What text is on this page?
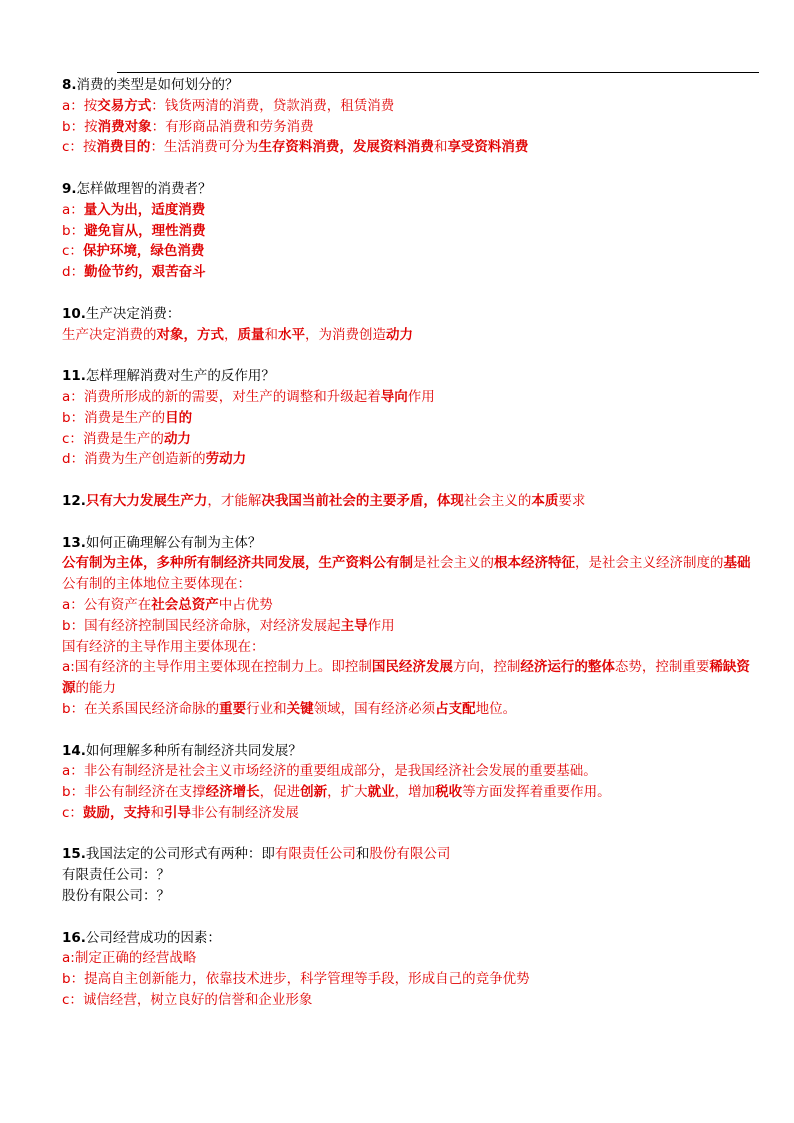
8.消费的类型是如何划分的？
a：按交易方式：钱货两清的消费，贷款消费，租赁消费
b：按消费对象：有形商品消费和劳务消费
c：按消费目的：生活消费可分为生存资料消费，发展资料消费和享受资料消费
9.怎样做理智的消费者？
a：量入为出，适度消费
b：避免盲从，理性消费
c：保护环境，绿色消费
d：勤俭节约，艰苦奋斗
10.生产决定消费：
生产决定消费的对象，方式，质量和水平，为消费创造动力
11.怎样理解消费对生产的反作用？
a：消费所形成的新的需要，对生产的调整和升级起着导向作用
b：消费是生产的目的
c：消费是生产的动力
d：消费为生产创造新的劳动力
12.只有大力发展生产力，才能解决我国当前社会的主要矛盾，体现社会主义的本质要求
13.如何正确理解公有制为主体？
公有制为主体，多种所有制经济共同发展，生产资料公有制是社会主义的根本经济特征，是社会主义经济制度的基础
公有制的主体地位主要体现在：
a：公有资产在社会总资产中占优势
b：国有经济控制国民经济命脉，对经济发展起主导作用
国有经济的主导作用主要体现在：
a:国有经济的主导作用主要体现在控制力上。即控制国民经济发展方向，控制经济运行的整体态势，控制重要稀缺资源的能力
b：在关系国民经济命脉的重要行业和关键领域，国有经济必须占支配地位。
14.如何理解多种所有制经济共同发展？
a：非公有制经济是社会主义市场经济的重要组成部分，是我国经济社会发展的重要基础。
b：非公有制经济在支撑经济增长，促进创新，扩大就业，增加税收等方面发挥着重要作用。
c：鼓励，支持和引导非公有制经济发展
15.我国法定的公司形式有两种：即有限责任公司和股份有限公司
有限责任公司：？
股份有限公司：？
16.公司经营成功的因素：
a:制定正确的经营战略
b：提高自主创新能力，依靠技术进步，科学管理等手段，形成自己的竞争优势
c：诚信经营，树立良好的信誉和企业形象
